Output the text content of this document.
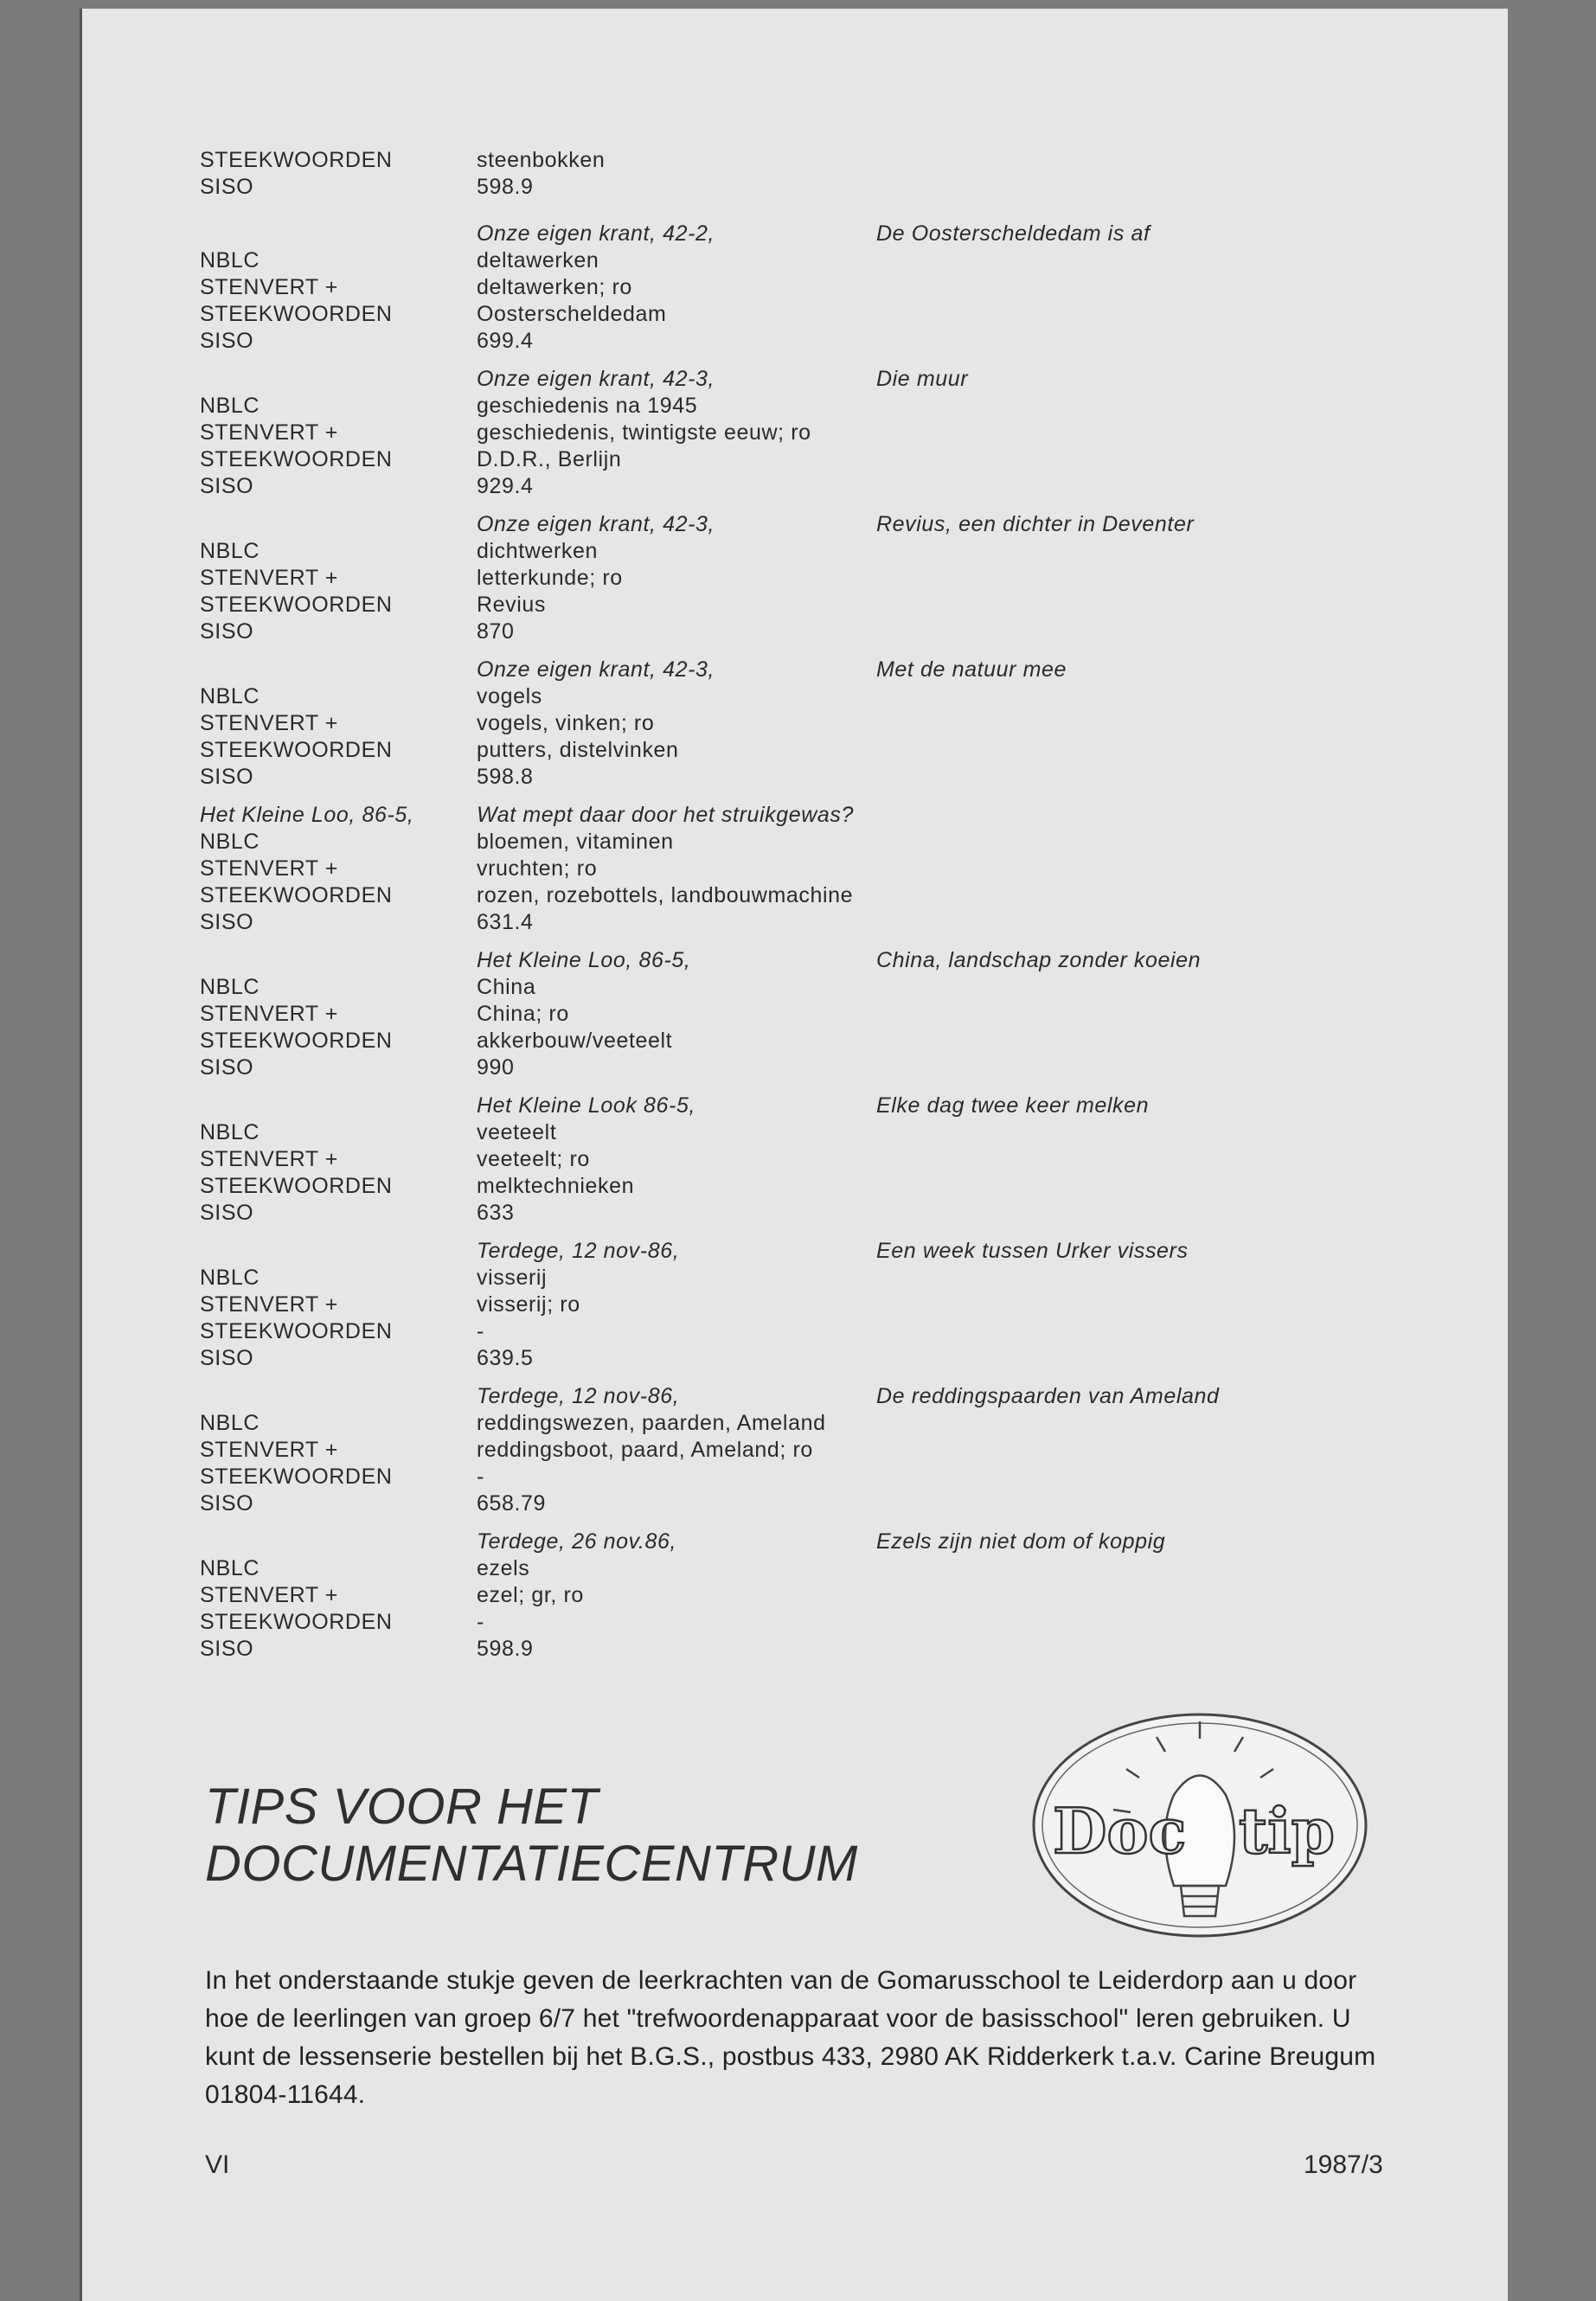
STEEKWOORDEN	steenbokken
SISO	598.9
Onze eigen krant, 42-2,	De Oosterscheldedam is af
NBLC	deltawerken
STENVERT +	deltawerken; ro
STEEKWOORDEN	Oosterscheldedam
SISO	699.4
Onze eigen krant, 42-3,	Die muur
NBLC	geschiedenis na 1945
STENVERT +	geschiedenis, twintigste eeuw; ro
STEEKWOORDEN	D.D.R., Berlijn
SISO	929.4
Onze eigen krant, 42-3,	Revius, een dichter in Deventer
NBLC	dichtwerken
STENVERT +	letterkunde; ro
STEEKWOORDEN	Revius
SISO	870
Onze eigen krant, 42-3,	Met de natuur mee
NBLC	vogels
STENVERT +	vogels, vinken; ro
STEEKWOORDEN	putters, distelvinken
SISO	598.8
Het Kleine Loo, 86-5,	Wat mept daar door het struikgewas?
NBLC	bloemen, vitaminen
STENVERT +	vruchten; ro
STEEKWOORDEN	rozen, rozebottels, landbouwmachine
SISO	631.4
Het Kleine Loo, 86-5,	China, landschap zonder koeien
NBLC	China
STENVERT +	China; ro
STEEKWOORDEN	akkerbouw/veeteelt
SISO	990
Het Kleine Look 86-5,	Elke dag twee keer melken
NBLC	veeteelt
STENVERT +	veeteelt; ro
STEEKWOORDEN	melktechnieken
SISO	633
Terdege, 12 nov-86,	Een week tussen Urker vissers
NBLC	visserij
STENVERT +	visserij; ro
STEEKWOORDEN	-
SISO	639.5
Terdege, 12 nov-86,	De reddingspaarden van Ameland
NBLC	reddingswezen, paarden, Ameland
STENVERT +	reddingsboot, paard, Ameland; ro
STEEKWOORDEN	-
SISO	658.79
Terdege, 26 nov.86,	Ezels zijn niet dom of koppig
NBLC	ezels
STENVERT +	ezel; gr, ro
STEEKWOORDEN	-
SISO	598.9
TIPS VOOR HET
DOCUMENTATIECENTRUM	Doc tip
In het onderstaande stukje geven de leerkrachten van de Gomarusschool te Leiderdorp aan u door hoe de leerlingen van groep 6/7 het "trefwoordenapparaat voor de basisschool" leren gebruiken. U kunt de lessenserie bestellen bij het B.G.S., postbus 433, 2980 AK Ridderkerk t.a.v. Carine Breugum 01804-11644.
VI	1987/3
